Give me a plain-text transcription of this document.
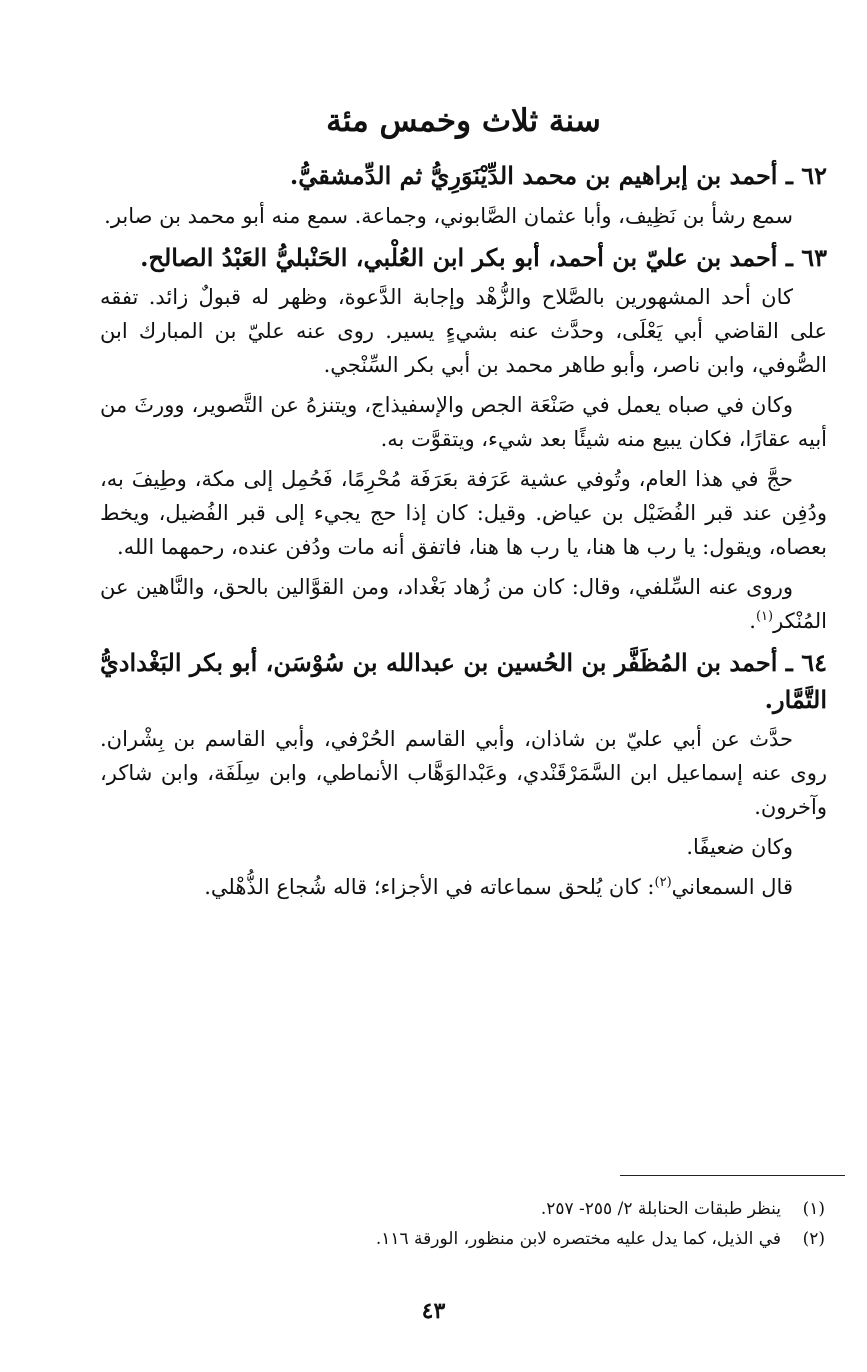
سنة ثلاث وخمس مئة
٦٢ ـ أحمد بن إبراهيم بن محمد الدِّيْنَوَرِيُّ ثم الدِّمشقيُّ.

سمع رشأ بن نَظِيف، وأبا عثمان الصَّابوني، وجماعة. سمع منه أبو محمد بن صابر.

٦٣ ـ أحمد بن عليّ بن أحمد، أبو بكر ابن العُلْبي، الحَنْبليُّ العَبْدُ الصالح.

كان أحد المشهورين بالصَّلاح والزُّهْد وإجابة الدَّعوة، وظهر له قبولٌ زائد. تفقه على القاضي أبي يَعْلَى، وحدَّث عنه بشيءٍ يسير. روى عنه عليّ بن المبارك ابن الصُّوفي، وابن ناصر، وأبو طاهر محمد بن أبي بكر السِّنْجي.

وكان في صباه يعمل في صَنْعَة الجص والإسفيذاج، ويتنزهُ عن التَّصوير، وورثَ من أبيه عقارًا، فكان يبيع منه شيئًا بعد شيء، ويتقوَّت به.

حجَّ في هذا العام، وتُوفي عشية عَرَفة بعَرَفَة مُحْرِمًا، فَحُمِل إلى مكة، وطِيفَ به، ودُفِن عند قبر الفُضَيْل بن عياض. وقيل: كان إذا حج يجيء إلى قبر الفُضيل، ويخط بعصاه، ويقول: يا رب ها هنا، يا رب ها هنا، فاتفق أنه مات ودُفن عنده، رحمهما الله.

وروى عنه السِّلفي، وقال: كان من زُهاد بَغْداد، ومن القوَّالين بالحق، والنَّاهين عن المُنْكر$^{(١)}$.

٦٤ ـ أحمد بن المُظَفَّر بن الحُسين بن عبدالله بن سُوْسَن، أبو بكر البَغْداديُّ التَّمَّار.

حدَّث عن أبي عليّ بن شاذان، وأبي القاسم الحُرْفي، وأبي القاسم بن بِشْران. روى عنه إسماعيل ابن السَّمَرْقَنْدي، وعَبْدالوَهَّاب الأنماطي، وابن سِلَفَة، وابن شاكر، وآخرون.

وكان ضعيفًا.

قال السمعاني$^{(٢)}$: كان يُلحق سماعاته في الأجزاء؛ قاله شُجاع الذُّهْلي.

(١)
ينظر طبقات الحنابلة ٢/ ٢٥٥- ٢٥٧.
(٢)
في الذيل، كما يدل عليه مختصره لابن منظور، الورقة ١١٦.
٤٣
